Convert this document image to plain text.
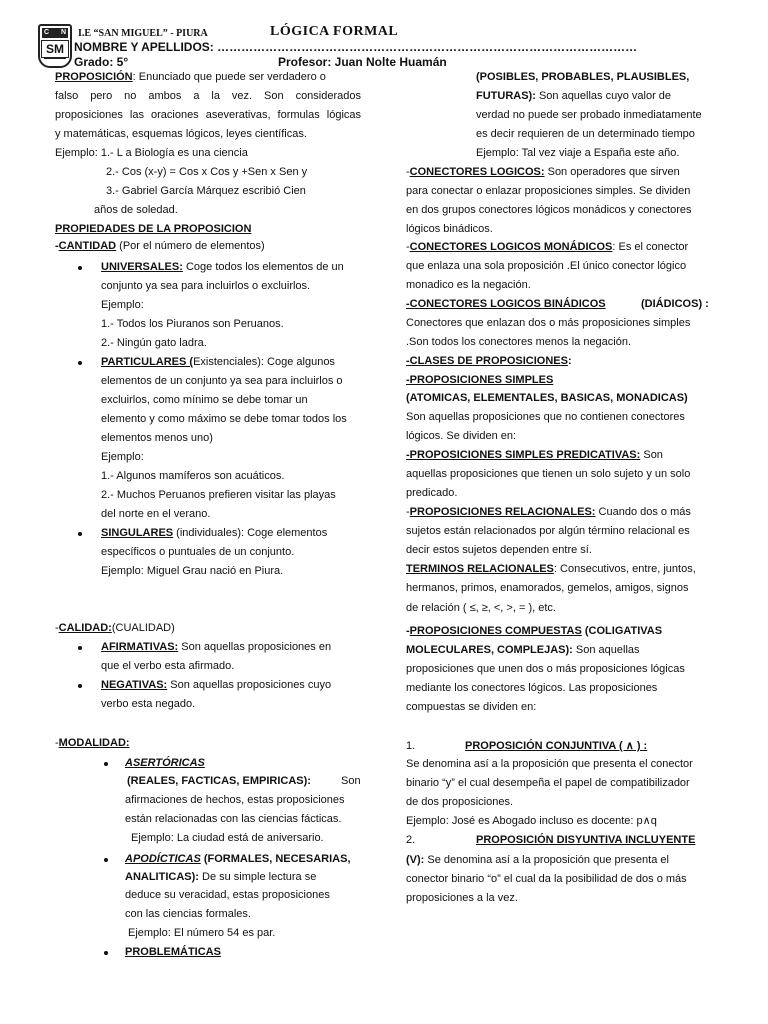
C N
SM
I.E “SAN MIGUEL” - PIURA	LÓGICA FORMAL
NOMBRE Y APELLIDOS: ……………………………………………………………………………………………
Grado: 5°	Profesor: Juan Nolte Huamán
PROPOSICIÓN: Enunciado que puede ser verdadero o
falso pero no ambos a la vez. Son considerados
proposiciones las oraciones aseverativas, formulas lógicas
y matemáticas, esquemas lógicos, leyes científicas.
Ejemplo: 1.- L a Biología es una ciencia
2.- Cos (x-y) = Cos x Cos y +Sen x Sen y
3.- Gabriel García Márquez escribió Cien
años de soledad.
PROPIEDADES DE LA PROPOSICION
-CANTIDAD (Por el número de elementos)
UNIVERSALES: Coge todos los elementos de un
conjunto ya sea para incluirlos o excluirlos.
Ejemplo:
1.- Todos los Piuranos son Peruanos.
2.- Ningún gato ladra.
PARTICULARES (Existenciales): Coge algunos
elementos de un conjunto ya sea para incluirlos o
excluirlos, como mínimo se debe tomar un
elemento y como máximo se debe tomar todos los
elementos menos uno)
Ejemplo:
1.- Algunos mamíferos son acuáticos.
2.- Muchos Peruanos prefieren visitar las playas
del norte en el verano.
SINGULARES (individuales): Coge elementos
específicos o puntuales de un conjunto.
Ejemplo: Miguel Grau nació en Piura.
-CALIDAD:(CUALIDAD)
AFIRMATIVAS: Son aquellas proposiciones en
que el verbo esta afirmado.
NEGATIVAS: Son aquellas proposiciones cuyo
verbo esta negado.
-MODALIDAD:
ASERTÓRICAS
(REALES, FACTICAS, EMPIRICAS):	Son
afirmaciones de hechos, estas proposiciones
están relacionadas con las ciencias fácticas.
Ejemplo: La ciudad está de aniversario.
APODÍCTICAS (FORMALES, NECESARIAS,
ANALITICAS): De su simple lectura se
deduce su veracidad, estas proposiciones
con las ciencias formales.
Ejemplo: El número 54 es par.
PROBLEMÁTICAS
(POSIBLES, PROBABLES, PLAUSIBLES,
FUTURAS): Son aquellas cuyo valor de
verdad no puede ser probado inmediatamente
es decir requieren de un determinado tiempo
Ejemplo: Tal vez viaje a España este año.
-CONECTORES LOGICOS: Son operadores que sirven
para conectar o enlazar proposiciones simples. Se dividen
en dos grupos conectores lógicos monádicos y conectores
lógicos binádicos.
-CONECTORES LOGICOS MONÁDICOS: Es el conector
que enlaza una sola proposición .El único conector lógico
monadico es la negación.
-CONECTORES LOGICOS BINÁDICOS	(DIÁDICOS) :
Conectores que enlazan dos o más proposiciones simples
.Son todos los conectores menos la negación.
-CLASES DE PROPOSICIONES:
-PROPOSICIONES SIMPLES
(ATOMICAS, ELEMENTALES, BASICAS, MONADICAS)
Son aquellas proposiciones que no contienen conectores
lógicos. Se dividen en:
-PROPOSICIONES SIMPLES PREDICATIVAS: Son
aquellas proposiciones que tienen un solo sujeto y un solo
predicado.
-PROPOSICIONES RELACIONALES: Cuando dos o más
sujetos están relacionados por algún término relacional es
decir estos sujetos dependen entre sí.
TERMINOS RELACIONALES: Consecutivos, entre, juntos,
hermanos, primos, enamorados, gemelos, amigos, signos
de relación ( ≤, ≥, <, >, = ), etc.
-PROPOSICIONES COMPUESTAS (COLIGATIVAS
MOLECULARES, COMPLEJAS): Son aquellas
proposiciones que unen dos o más proposiciones lógicas
mediante los conectores lógicos. Las proposiciones
compuestas se dividen en:
1.	PROPOSICIÓN CONJUNTIVA ( ∧ ) :
Se denomina así a la proposición que presenta el conector
binario “y” el cual desempeña el papel de compatibilizador
de dos proposiciones.
Ejemplo: José es Abogado incluso es docente: p∧q
2.	PROPOSICIÓN DISYUNTIVA INCLUYENTE
(V): Se denomina así a la proposición que presenta el
conector binario “o” el cual da la posibilidad de dos o más
proposiciones a la vez.
